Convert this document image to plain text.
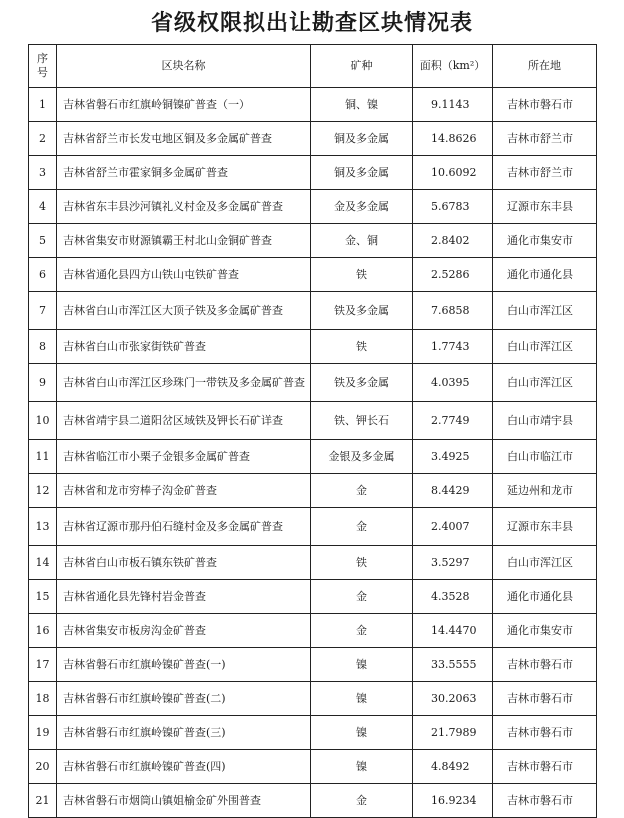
省级权限拟出让勘查区块情况表
序
号	区块名称	矿种	面积（km²）	所在地
1	吉林省磐石市红旗岭铜镍矿普查（一）	铜、镍	9.1143	吉林市磐石市
2	吉林省舒兰市长发屯地区铜及多金属矿普查	铜及多金属	14.8626	吉林市舒兰市
3	吉林省舒兰市霍家铜多金属矿普查	铜及多金属	10.6092	吉林市舒兰市
4	吉林省东丰县沙河镇礼义村金及多金属矿普查	金及多金属	5.6783	辽源市东丰县
5	吉林省集安市财源镇霸王村北山金铜矿普查	金、铜	2.8402	通化市集安市
6	吉林省通化县四方山铁山屯铁矿普查	铁	2.5286	通化市通化县
7	吉林省白山市浑江区大顶子铁及多金属矿普查	铁及多金属	7.6858	白山市浑江区
8	吉林省白山市张家街铁矿普查	铁	1.7743	白山市浑江区
9	吉林省白山市浑江区珍珠门一带铁及多金属矿普查	铁及多金属	4.0395	白山市浑江区
10	吉林省靖宇县二道阳岔区域铁及钾长石矿详查	铁、钾长石	2.7749	白山市靖宇县
11	吉林省临江市小栗子金银多金属矿普查	金银及多金属	3.4925	白山市临江市
12	吉林省和龙市穷棒子沟金矿普查	金	8.4429	延边州和龙市
13	吉林省辽源市那丹伯石缝村金及多金属矿普查	金	2.4007	辽源市东丰县
14	吉林省白山市板石镇东铁矿普查	铁	3.5297	白山市浑江区
15	吉林省通化县先锋村岩金普查	金	4.3528	通化市通化县
16	吉林省集安市板房沟金矿普查	金	14.4470	通化市集安市
17	吉林省磐石市红旗岭镍矿普查(一)	镍	33.5555	吉林市磐石市
18	吉林省磐石市红旗岭镍矿普查(二)	镍	30.2063	吉林市磐石市
19	吉林省磐石市红旗岭镍矿普查(三)	镍	21.7989	吉林市磐石市
20	吉林省磐石市红旗岭镍矿普查(四)	镍	4.8492	吉林市磐石市
21	吉林省磐石市烟筒山镇姐榆金矿外围普查	金	16.9234	吉林市磐石市
